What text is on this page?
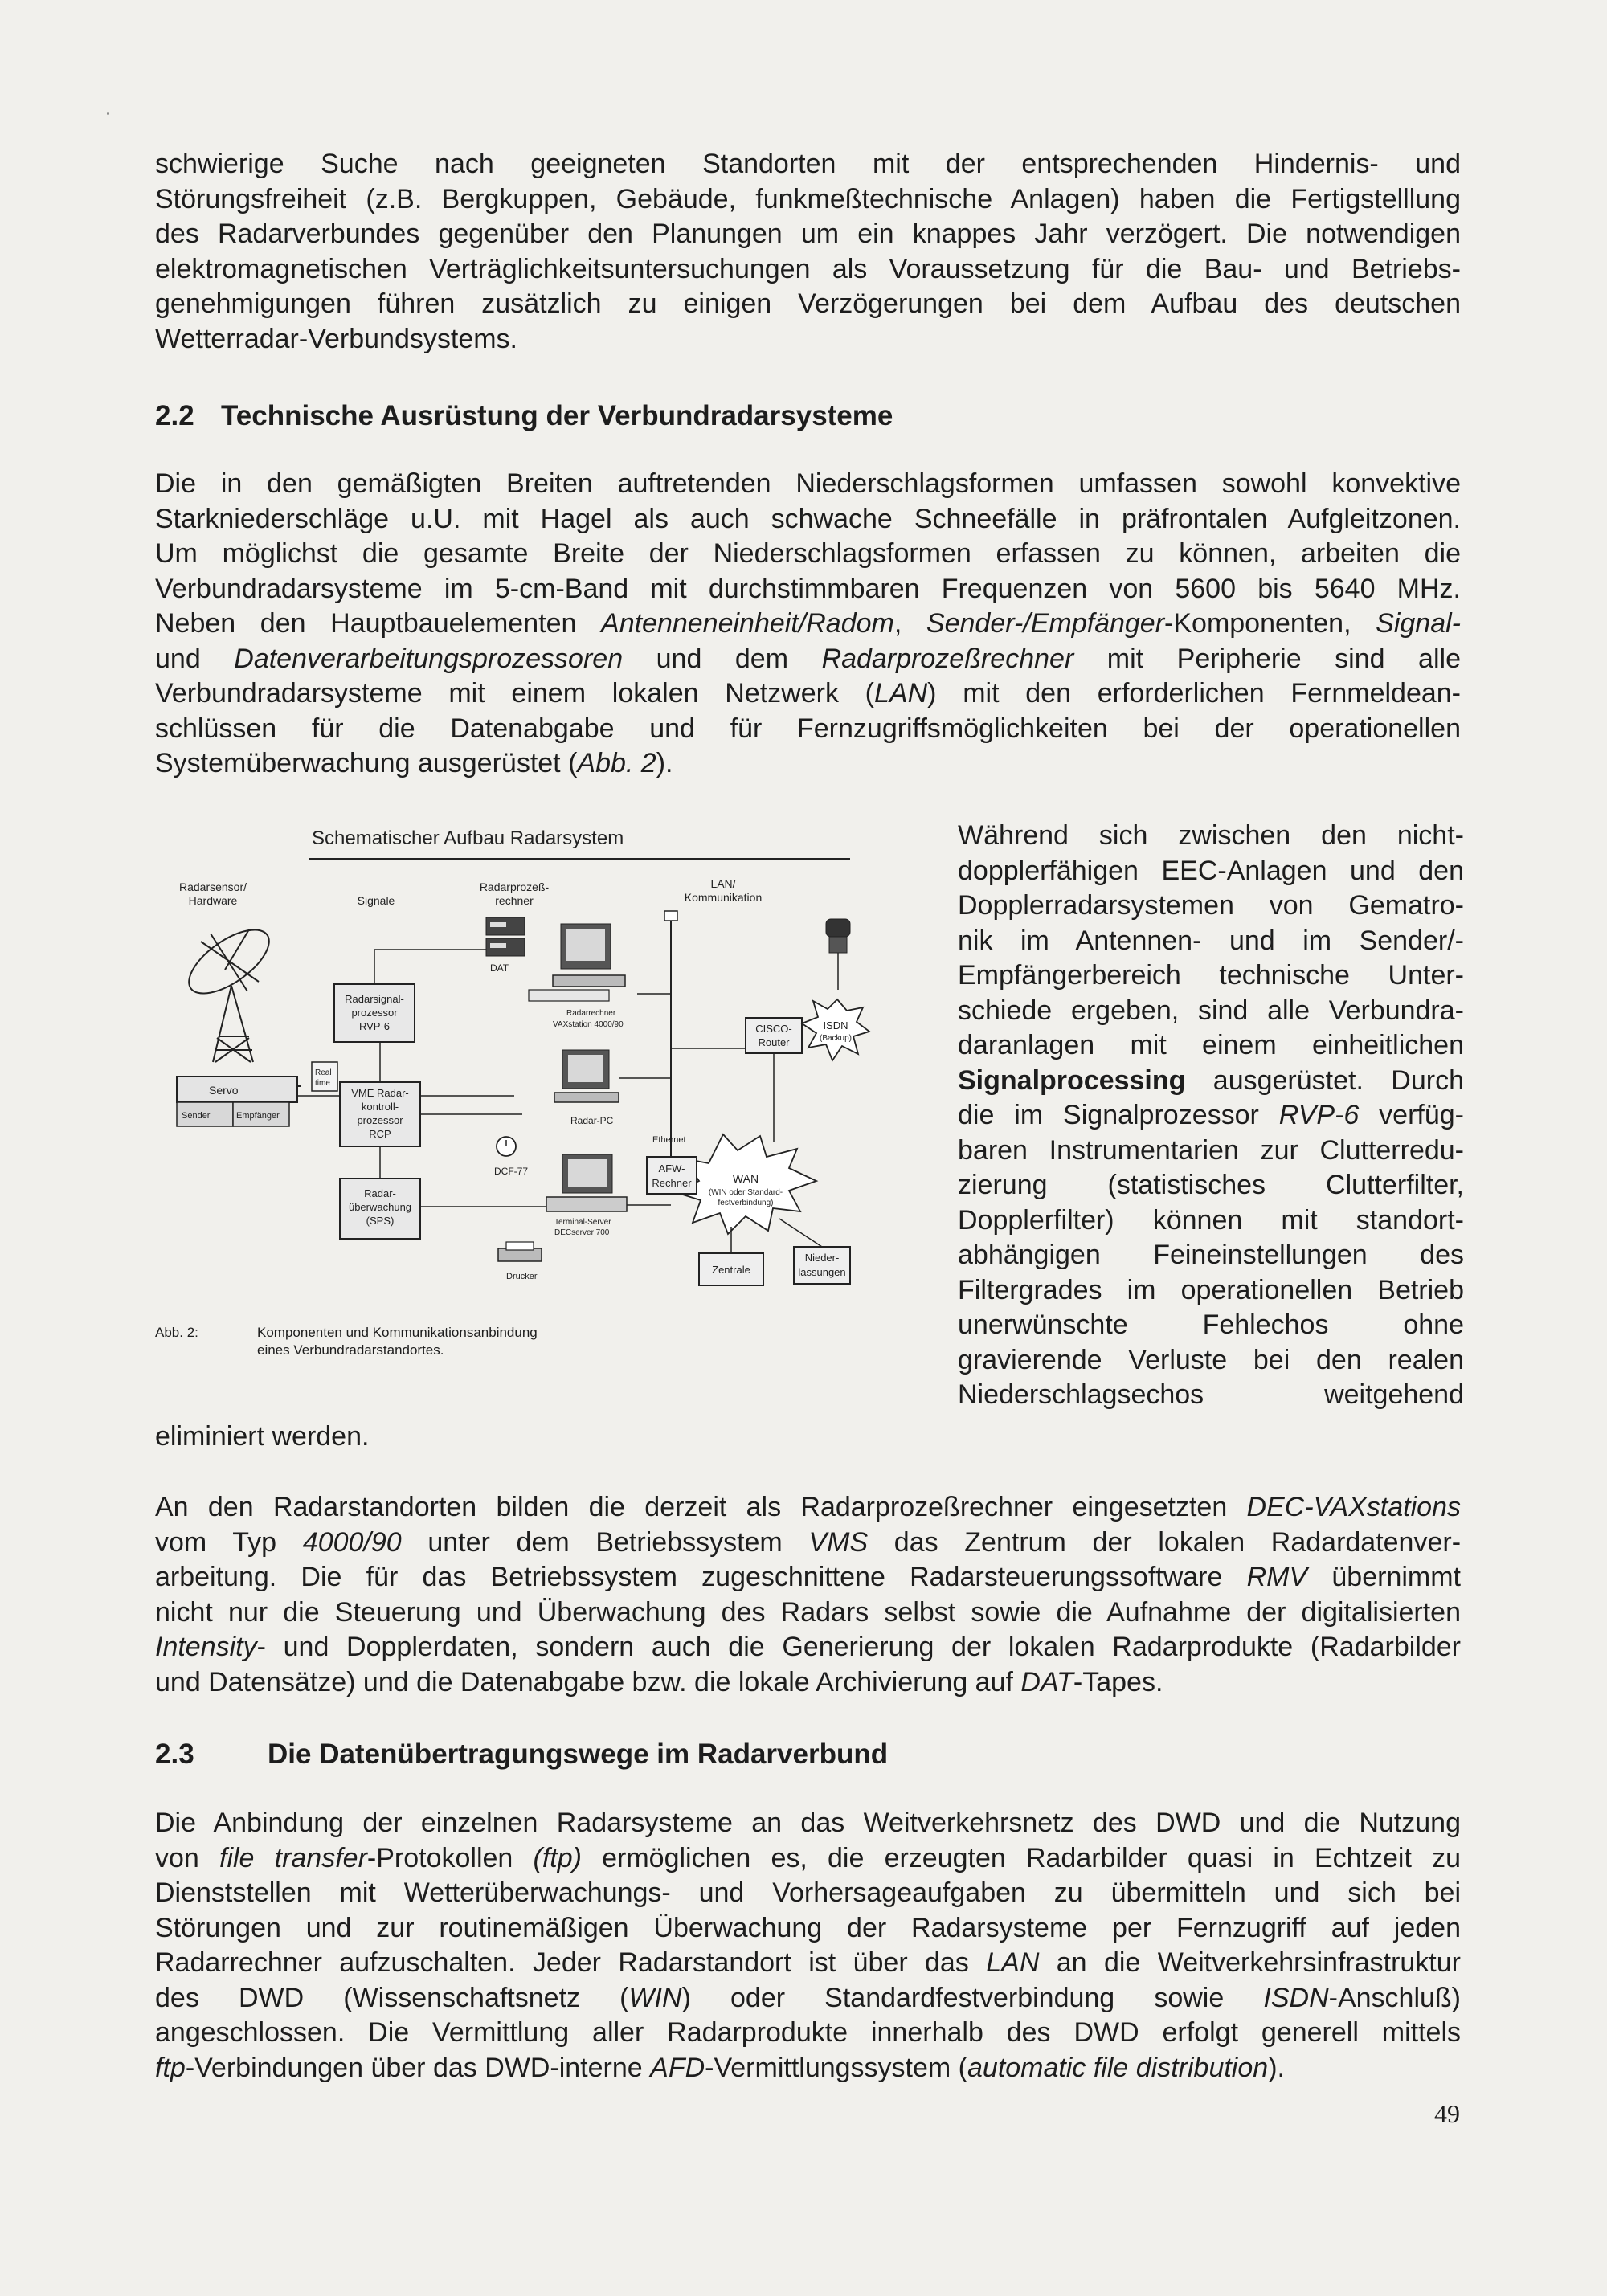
schwierige Suche nach geeigneten Standorten mit der entsprechenden Hindernis- und
Störungsfreiheit (z.B. Bergkuppen, Gebäude, funkmeßtechnische Anlagen) haben die Fertigstelllung
des Radarverbundes gegenüber den Planungen um ein knappes Jahr verzögert. Die notwendigen
elektromagnetischen Verträglichkeitsuntersuchungen als Voraussetzung für die Bau- und Betriebs-
genehmigungen führen zusätzlich zu einigen Verzögerungen bei dem Aufbau des deutschen
Wetterradar-Verbundsystems.
2.2 Technische Ausrüstung der Verbundradarsysteme
Die in den gemäßigten Breiten auftretenden Niederschlagsformen umfassen sowohl konvektive
Starkniederschläge u.U. mit Hagel als auch schwache Schneefälle in präfrontalen Aufgleitzonen.
Um möglichst die gesamte Breite der Niederschlagsformen erfassen zu können, arbeiten die
Verbundradarsysteme im 5-cm-Band mit durchstimmbaren Frequenzen von 5600 bis 5640 MHz.
Neben den Hauptbauelementen Antenneneinheit/Radom, Sender-/Empfänger-Komponenten, Signal-
und Datenverarbeitungsprozessoren und dem Radarprozeßrechner mit Peripherie sind alle
Verbundradarsysteme mit einem lokalen Netzwerk (LAN) mit den erforderlichen Fernmeldean-
schlüssen für die Datenabgabe und für Fernzugriffsmöglichkeiten bei der operationellen
Systemüberwachung ausgerüstet (Abb. 2).
Während sich zwischen den nicht-
dopplerfähigen EEC-Anlagen und den
Dopplerradarsystemen von Gematro-
nik im Antennen- und im Sender/-
Empfängerbereich technische Unter-
schiede ergeben, sind alle Verbundra-
daranlagen mit einem einheitlichen
Signalprocessing ausgerüstet. Durch
die im Signalprozessor RVP-6 verfüg-
baren Instrumentarien zur Clutterredu-
zierung (statistisches Clutterfilter,
Dopplerfilter) können mit standort-
abhängigen Feineinstellungen des
Filtergrades im operationellen Betrieb
unerwünschte Fehlechos ohne
gravierende Verluste bei den realen
Niederschlagsechos weitgehend
eliminiert werden.
Schematischer Aufbau Radarsystem
Radarsensor/
Hardware	Signale
Radarprozeß-
rechner
LAN/
Kommunikation
Servo
Sender	Empfänger
Radarsignal-
prozessor
RVP-6
Real
time
VME Radar-
kontroll-
prozessor
RCP
DAT
Radarrechner
VAXstation 4000/90
Radar-PC
Ethernet
CISCO-
Router
ISDN
(Backup)
WAN
(WIN oder Standard-
festverbindung)
AFW-
Rechner
DCF-77
Radar-
überwachung
(SPS)	Terminal-Server
DECserver 700
Drucker
Zentrale
Nieder-
lassungen
Abb. 2:	Komponenten und Kommunikationsanbindung
eines Verbundradarstandortes.
An den Radarstandorten bilden die derzeit als Radarprozeßrechner eingesetzten DEC-VAXstations
vom Typ 4000/90 unter dem Betriebssystem VMS das Zentrum der lokalen Radardatenver-
arbeitung. Die für das Betriebssystem zugeschnittene Radarsteuerungssoftware RMV übernimmt
nicht nur die Steuerung und Überwachung des Radars selbst sowie die Aufnahme der digitalisierten
Intensity- und Dopplerdaten, sondern auch die Generierung der lokalen Radarprodukte (Radarbilder
und Datensätze) und die Datenabgabe bzw. die lokale Archivierung auf DAT-Tapes.
2.3	Die Datenübertragungswege im Radarverbund
Die Anbindung der einzelnen Radarsysteme an das Weitverkehrsnetz des DWD und die Nutzung
von file transfer-Protokollen (ftp) ermöglichen es, die erzeugten Radarbilder quasi in Echtzeit zu
Dienststellen mit Wetterüberwachungs- und Vorhersageaufgaben zu übermitteln und sich bei
Störungen und zur routinemäßigen Überwachung der Radarsysteme per Fernzugriff auf jeden
Radarrechner aufzuschalten. Jeder Radarstandort ist über das LAN an die Weitverkehrsinfrastruktur
des DWD (Wissenschaftsnetz (WIN) oder Standardfestverbindung sowie ISDN-Anschluß)
angeschlossen. Die Vermittlung aller Radarprodukte innerhalb des DWD erfolgt generell mittels
ftp-Verbindungen über das DWD-interne AFD-Vermittlungssystem (automatic file distribution).
49
